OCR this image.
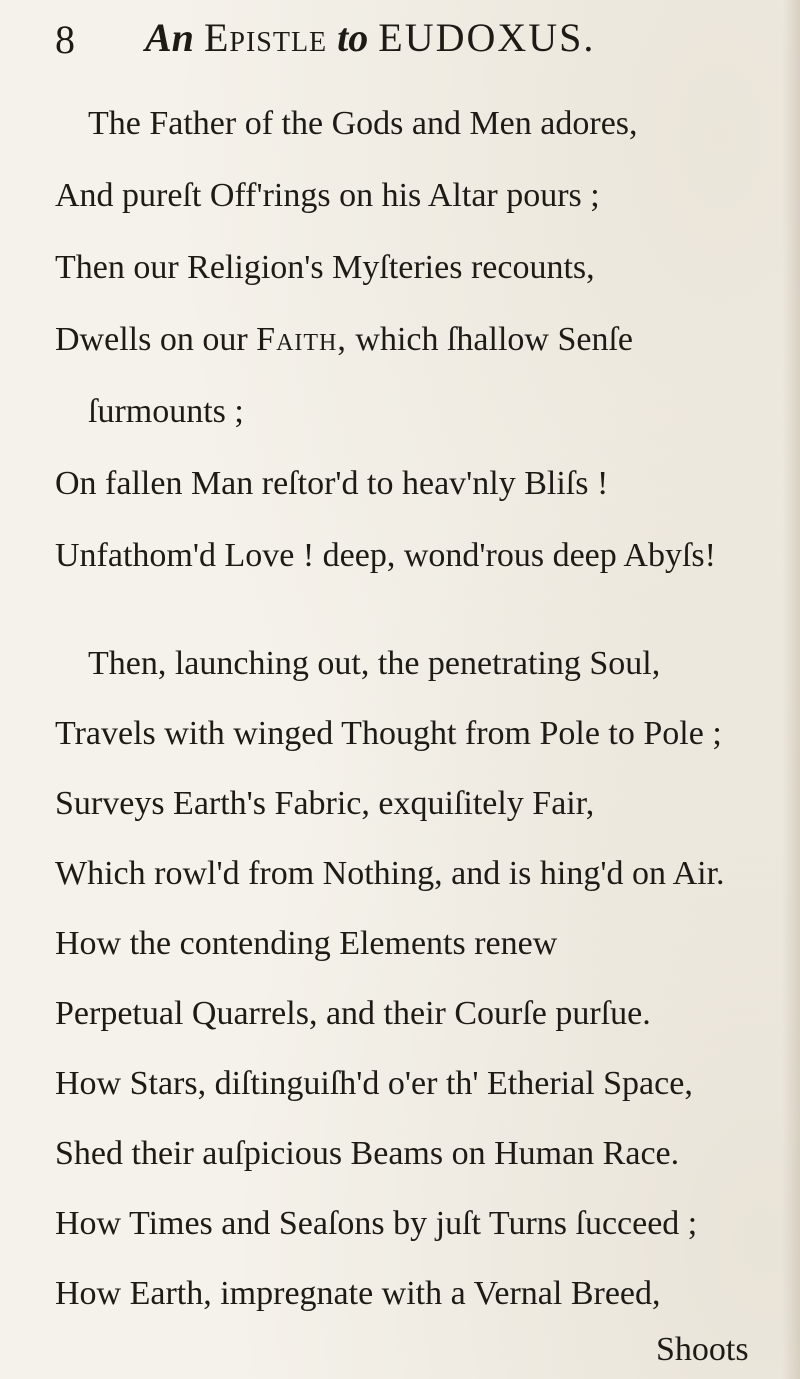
8 An Epistle to EUDOXUS.
The Father of the Gods and Men adores,
And pureſt Off'rings on his Altar pours ;
Then our Religion's Myſteries recounts,
Dwells on our Faith, which ſhallow Senſe
ſurmounts ;
On fallen Man reſtor'd to heav'nly Bliſs !
Unfathom'd Love ! deep, wond'rous deep Abyſs!
Then, launching out, the penetrating Soul,
Travels with winged Thought from Pole to Pole ;
Surveys Earth's Fabric, exquiſitely Fair,
Which rowl'd from Nothing, and is hing'd on Air.
How the contending Elements renew
Perpetual Quarrels, and their Courſe purſue.
How Stars, diſtinguiſh'd o'er th' Etherial Space,
Shed their auſpicious Beams on Human Race.
How Times and Seaſons by juſt Turns ſucceed ;
How Earth, impregnate with a Vernal Breed,
Shoots
